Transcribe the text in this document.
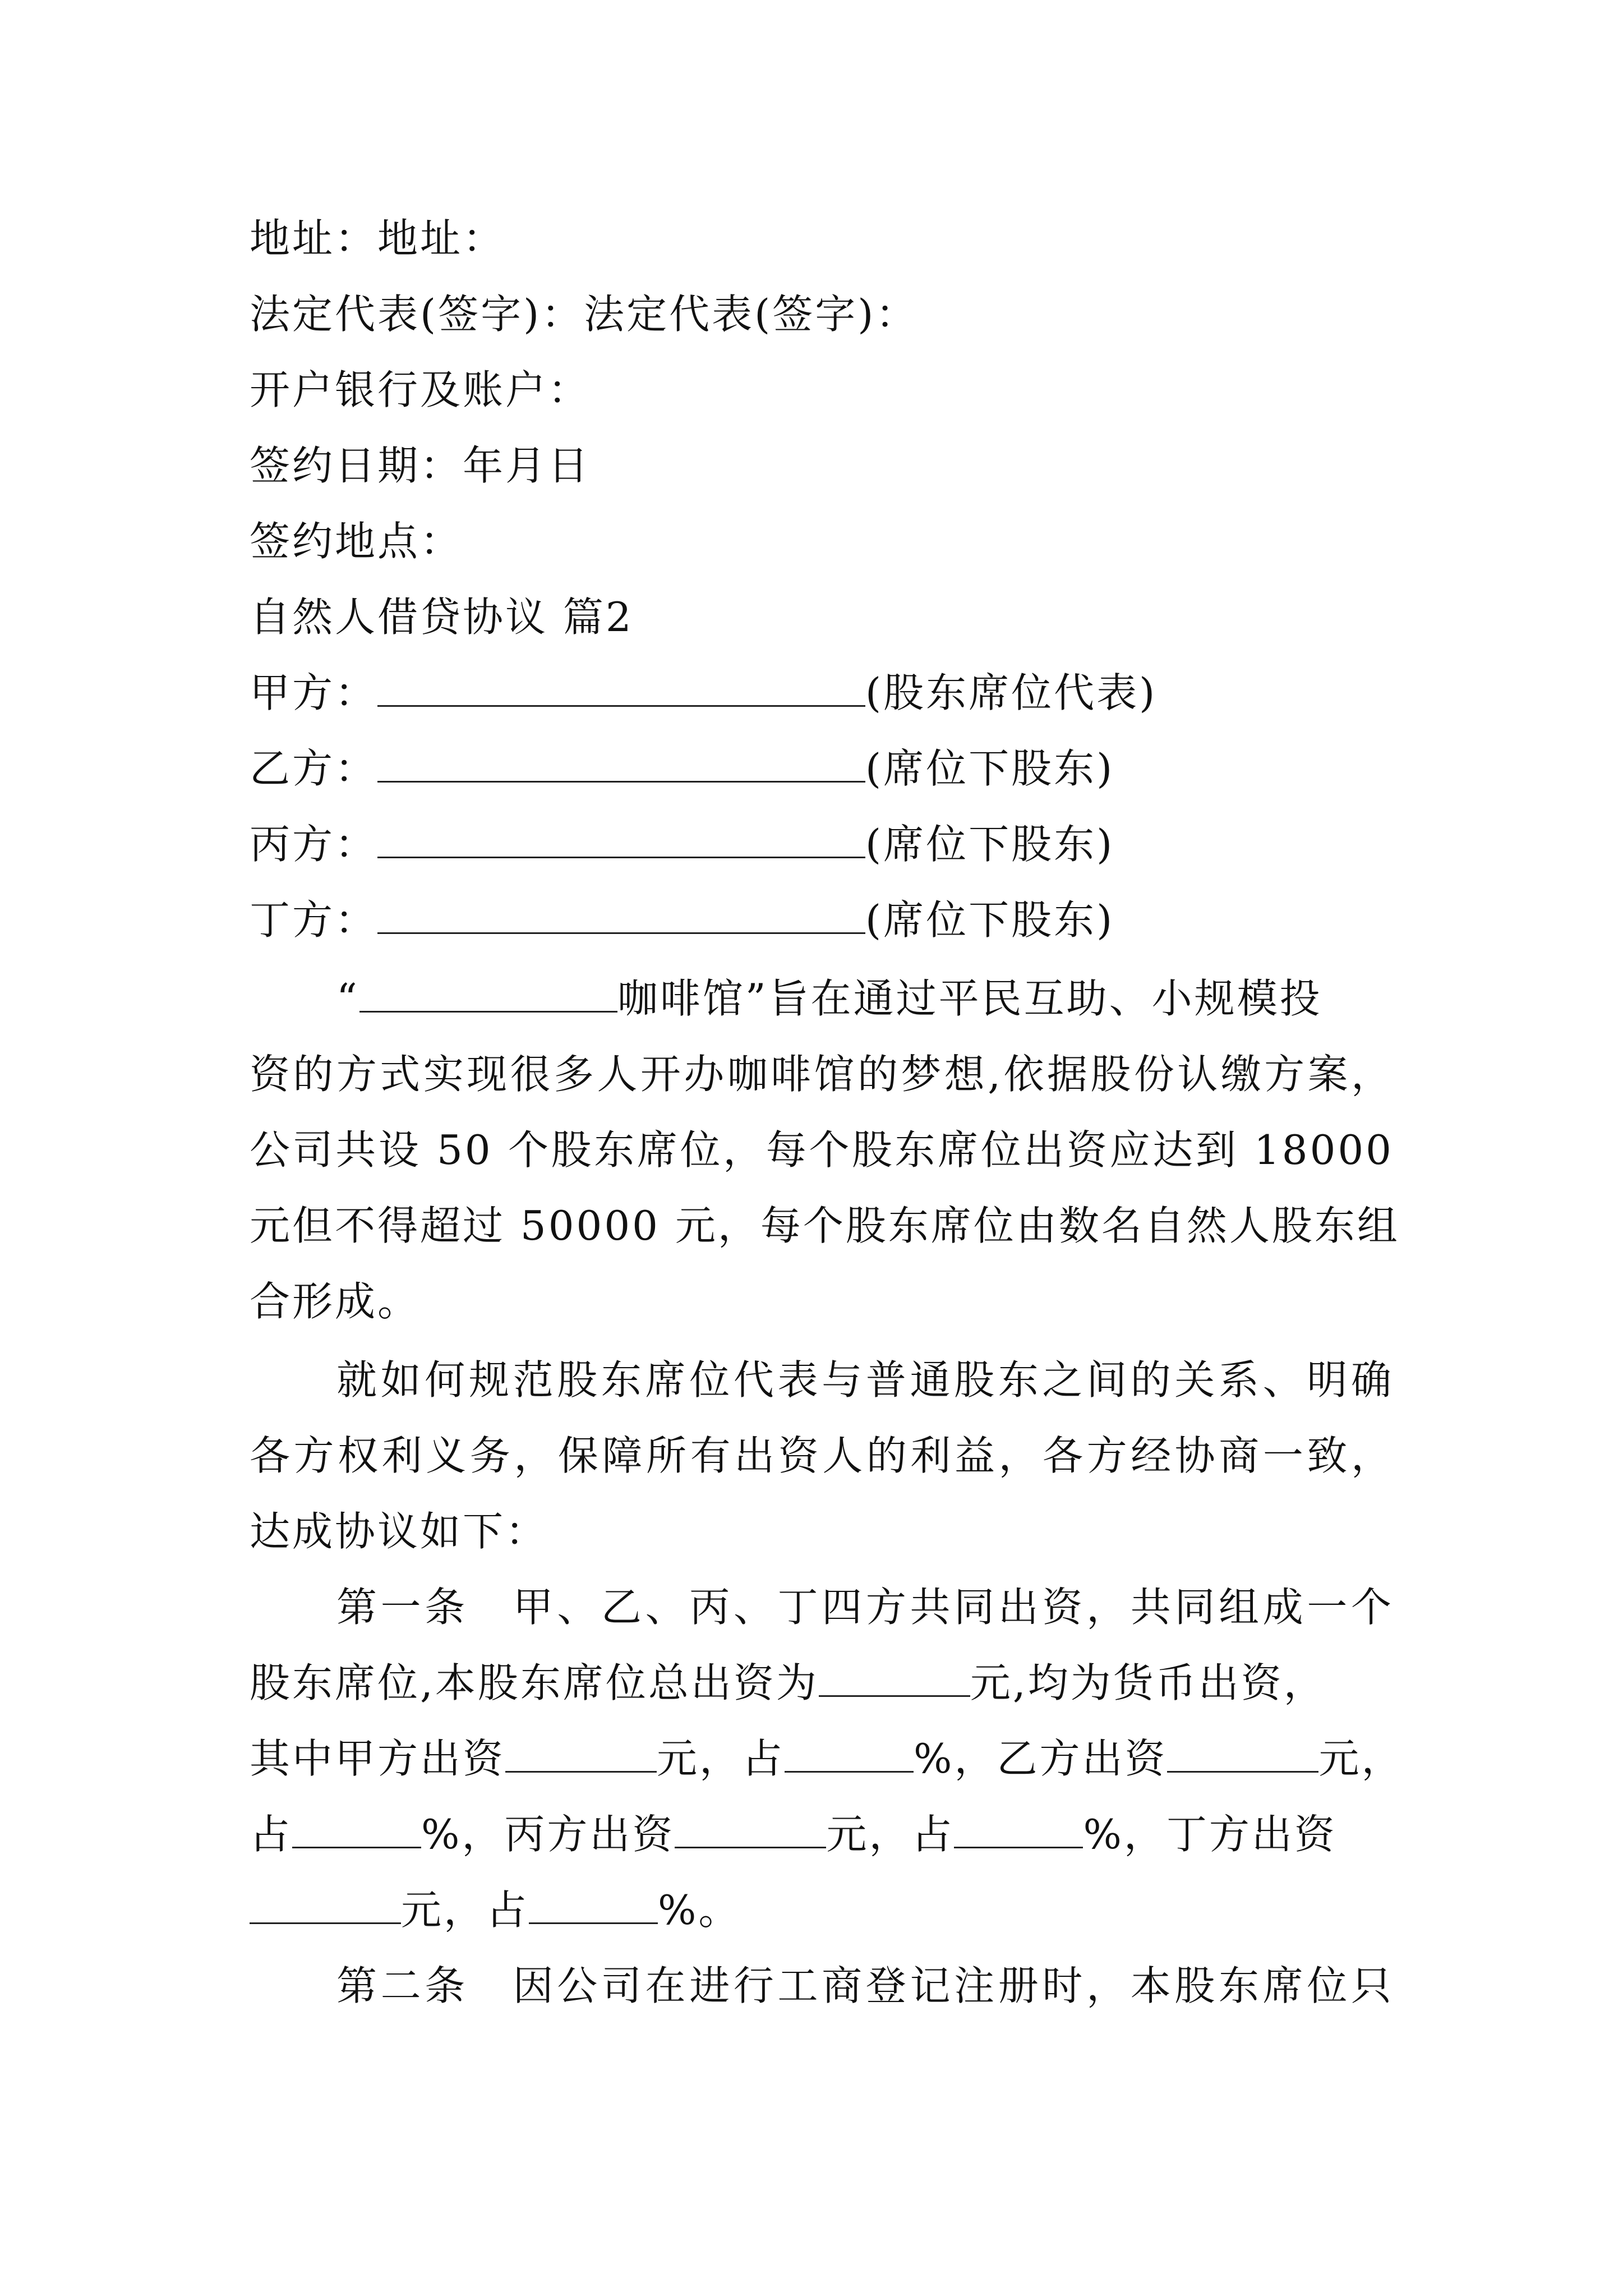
地址：地址：
法定代表(签字)：法定代表(签字)：
开户银行及账户：
签约日期：年月日
签约地点：
自然人借贷协议 篇2
甲方：	(股东席位代表)
乙方：	(席位下股东)
丙方：	(席位下股东)
丁方：	(席位下股东)
“	咖啡馆”旨在通过平民互助、小规模投
资的方式实现很多人开办咖啡馆的梦想,依据股份认缴方案，
公司共设 50 个股东席位，每个股东席位出资应达到 18000
元但不得超过 50000 元，每个股东席位由数名自然人股东组
合形成。
就如何规范股东席位代表与普通股东之间的关系、明确
各方权利义务，保障所有出资人的利益，各方经协商一致，
达成协议如下：
第一条　甲、乙、丙、丁四方共同出资，共同组成一个
股东席位,本股东席位总出资为	元,均为货币出资，
其中甲方出资	元，占	%，乙方出资	元，
占	%，丙方出资	元，占	%，丁方出资
元，占	%。
第二条　因公司在进行工商登记注册时，本股东席位只
